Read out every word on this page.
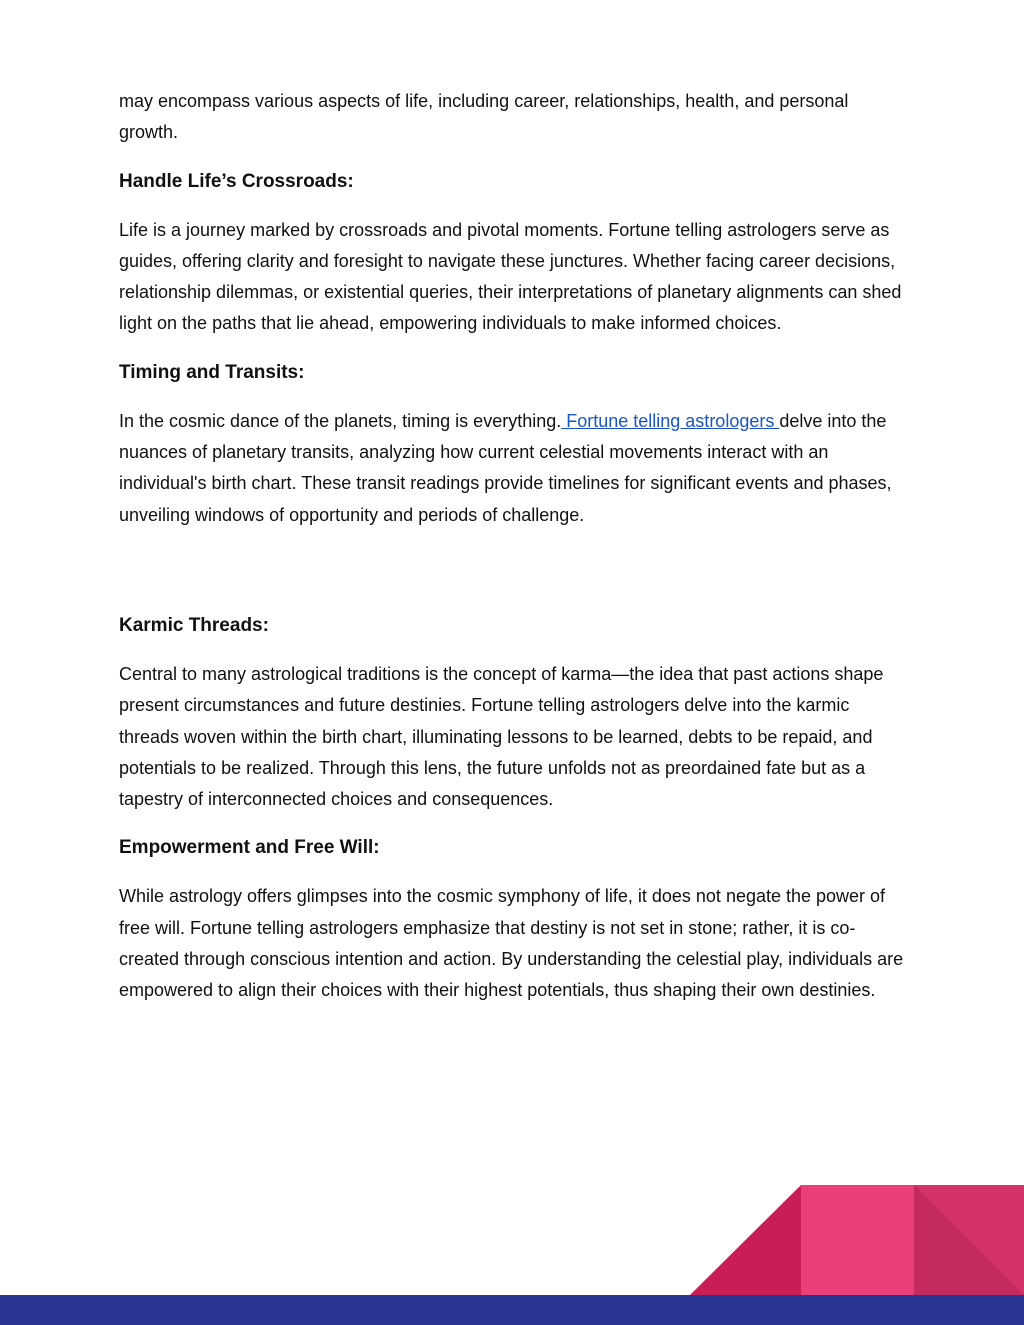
may encompass various aspects of life, including career, relationships, health, and personal growth.

Handle Life’s Crossroads:

Life is a journey marked by crossroads and pivotal moments. Fortune telling astrologers serve as guides, offering clarity and foresight to navigate these junctures. Whether facing career decisions, relationship dilemmas, or existential queries, their interpretations of planetary alignments can shed light on the paths that lie ahead, empowering individuals to make informed choices.

Timing and Transits:

In the cosmic dance of the planets, timing is everything. Fortune telling astrologers delve into the nuances of planetary transits, analyzing how current celestial movements interact with an individual's birth chart. These transit readings provide timelines for significant events and phases, unveiling windows of opportunity and periods of challenge.

Karmic Threads:

Central to many astrological traditions is the concept of karma—the idea that past actions shape present circumstances and future destinies. Fortune telling astrologers delve into the karmic threads woven within the birth chart, illuminating lessons to be learned, debts to be repaid, and potentials to be realized. Through this lens, the future unfolds not as preordained fate but as a tapestry of interconnected choices and consequences.

Empowerment and Free Will:

While astrology offers glimpses into the cosmic symphony of life, it does not negate the power of free will. Fortune telling astrologers emphasize that destiny is not set in stone; rather, it is co-created through conscious intention and action. By understanding the celestial play, individuals are empowered to align their choices with their highest potentials, thus shaping their own destinies.
